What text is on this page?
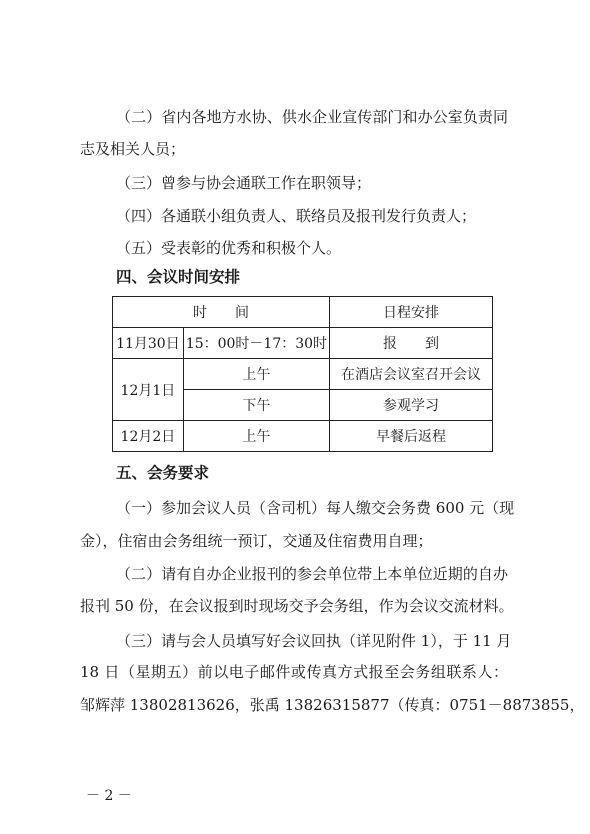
（二）省内各地方水协、供水企业宣传部门和办公室负责同
志及相关人员；
（三）曾参与协会通联工作在职领导；
（四）各通联小组负责人、联络员及报刊发行负责人；
（五）受表彰的优秀和积极个人。
四、会议时间安排
时　　间		日程安排
11月30日	15：00时－17：30时	报　　到
12月1日	上午	在酒店会议室召开会议
	下午	参观学习
12月2日	上午	早餐后返程
五、会务要求
（一）参加会议人员（含司机）每人缴交会务费 600 元（现
金），住宿由会务组统一预订，交通及住宿费用自理；
（二）请有自办企业报刊的参会单位带上本单位近期的自办
报刊 50 份，在会议报到时现场交予会务组，作为会议交流材料。
（三）请与会人员填写好会议回执（详见附件 1），于 11 月
18 日（星期五）前以电子邮件或传真方式报至会务组联系人：
邹辉萍 13802813626，张禹 13826315877（传真：0751－8873855，
－ 2 －
